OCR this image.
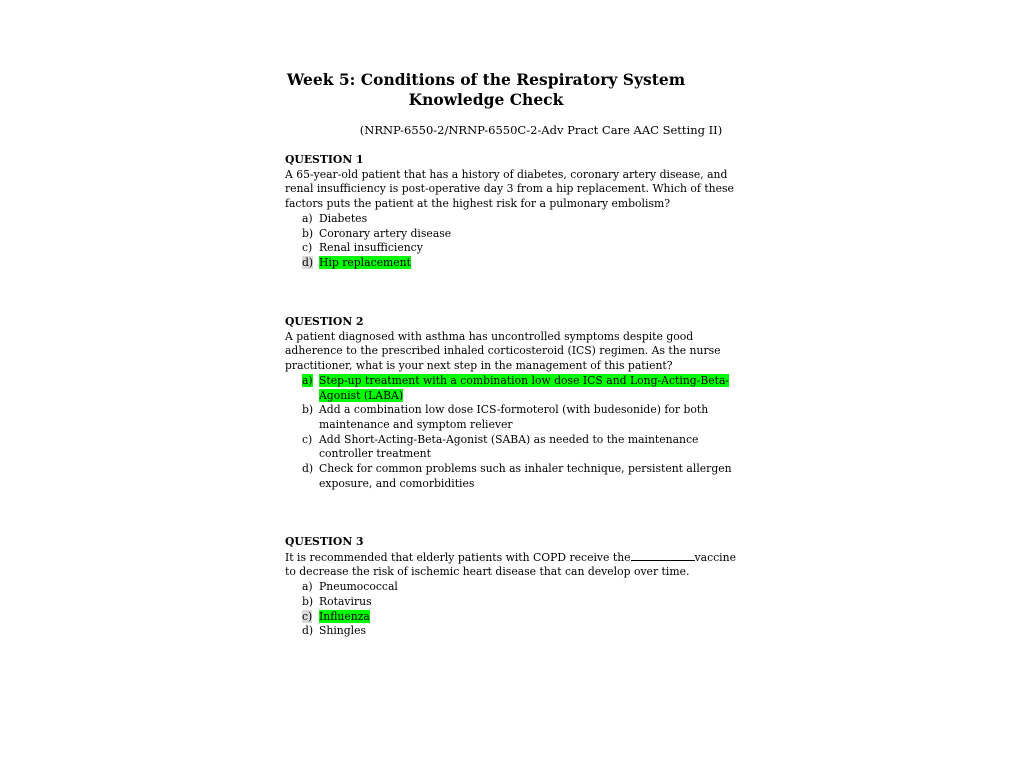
Week 5: Conditions of the Respiratory System
Knowledge Check
(NRNP-6550-2/NRNP-6550C-2-Adv Pract Care AAC Setting II)

QUESTION 1

A 65-year-old patient that has a history of diabetes, coronary artery disease, and renal insufficiency is post-operative day 3 from a hip replacement. Which of these factors puts the patient at the highest risk for a pulmonary embolism?

a) Diabetes
b) Coronary artery disease
c) Renal insufficiency
d) Hip replacement

QUESTION 2

A patient diagnosed with asthma has uncontrolled symptoms despite good adherence to the prescribed inhaled corticosteroid (ICS) regimen. As the nurse practitioner, what is your next step in the management of this patient?

a) Step-up treatment with a combination low dose ICS and Long-Acting-Beta-Agonist (LABA)
b) Add a combination low dose ICS-formoterol (with budesonide) for both maintenance and symptom reliever
c) Add Short-Acting-Beta-Agonist (SABA) as needed to the maintenance controller treatment
d) Check for common problems such as inhaler technique, persistent allergen exposure, and comorbidities

QUESTION 3

It is recommended that elderly patients with COPD receive the	vaccine to decrease the risk of ischemic heart disease that can develop over time.

a) Pneumococcal
b) Rotavirus
c) Influenza
d) Shingles
